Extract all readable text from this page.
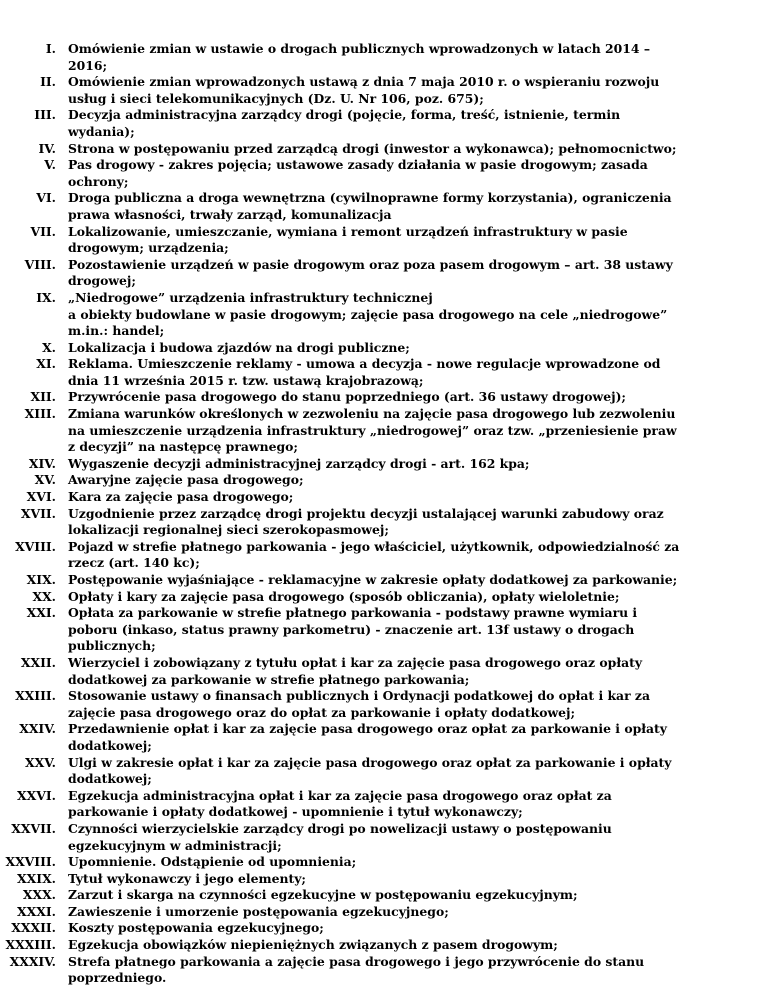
I. Omówienie zmian w ustawie o drogach publicznych wprowadzonych w latach 2014 – 2016;
II. Omówienie zmian wprowadzonych ustawą z dnia 7 maja 2010 r. o wspieraniu rozwoju usług i sieci telekomunikacyjnych (Dz. U. Nr 106, poz. 675);
III. Decyzja administracyjna zarządcy drogi (pojęcie, forma, treść, istnienie, termin wydania);
IV. Strona w postępowaniu przed zarządcą drogi (inwestor a wykonawca); pełnomocnictwo;
V. Pas drogowy - zakres pojęcia; ustawowe zasady działania w pasie drogowym; zasada ochrony;
VI. Droga publiczna a droga wewnętrzna (cywilnoprawne formy korzystania), ograniczenia prawa własności, trwały zarząd, komunalizacja
VII. Lokalizowanie, umieszczanie, wymiana i remont urządzeń infrastruktury w pasie drogowym; urządzenia;
VIII. Pozostawienie urządzeń w pasie drogowym oraz poza pasem drogowym – art. 38 ustawy drogowej;
IX. „Niedrogowe” urządzenia infrastruktury technicznej
a obiekty budowlane w pasie drogowym; zajęcie pasa drogowego na cele „niedrogowe” m.in.: handel;
X. Lokalizacja i budowa zjazdów na drogi publiczne;
XI. Reklama. Umieszczenie reklamy - umowa a decyzja - nowe regulacje wprowadzone od dnia 11 września 2015 r. tzw. ustawą krajobrazową;
XII. Przywrócenie pasa drogowego do stanu poprzedniego (art. 36 ustawy drogowej);
XIII. Zmiana warunków określonych w zezwoleniu na zajęcie pasa drogowego lub zezwoleniu na umieszczenie urządzenia infrastruktury „niedrogowej” oraz tzw. „przeniesienie praw z decyzji” na następcę prawnego;
XIV. Wygaszenie decyzji administracyjnej zarządcy drogi - art. 162 kpa;
XV. Awaryjne zajęcie pasa drogowego;
XVI. Kara za zajęcie pasa drogowego;
XVII. Uzgodnienie przez zarządcę drogi projektu decyzji ustalającej warunki zabudowy oraz lokalizacji regionalnej sieci szerokopasmowej;
XVIII. Pojazd w strefie płatnego parkowania - jego właściciel, użytkownik, odpowiedzialność za rzecz (art. 140 kc);
XIX. Postępowanie wyjaśniające - reklamacyjne w zakresie opłaty dodatkowej za parkowanie;
XX. Opłaty i kary za zajęcie pasa drogowego (sposób obliczania), opłaty wieloletnie;
XXI. Opłata za parkowanie w strefie płatnego parkowania - podstawy prawne wymiaru i poboru (inkaso, status prawny parkometru) - znaczenie art. 13f ustawy o drogach publicznych;
XXII. Wierzyciel i zobowiązany z tytułu opłat i kar za zajęcie pasa drogowego oraz opłaty dodatkowej za parkowanie w strefie płatnego parkowania;
XXIII. Stosowanie ustawy o finansach publicznych i Ordynacji podatkowej do opłat i kar za zajęcie pasa drogowego oraz do opłat za parkowanie i opłaty dodatkowej;
XXIV. Przedawnienie opłat i kar za zajęcie pasa drogowego oraz opłat za parkowanie i opłaty dodatkowej;
XXV. Ulgi w zakresie opłat i kar za zajęcie pasa drogowego oraz opłat za parkowanie i opłaty dodatkowej;
XXVI. Egzekucja administracyjna opłat i kar za zajęcie pasa drogowego oraz opłat za parkowanie i opłaty dodatkowej - upomnienie i tytuł wykonawczy;
XXVII. Czynności wierzycielskie zarządcy drogi po nowelizacji ustawy o postępowaniu egzekucyjnym w administracji;
XXVIII. Upomnienie. Odstąpienie od upomnienia;
XXIX. Tytuł wykonawczy i jego elementy;
XXX. Zarzut i skarga na czynności egzekucyjne w postępowaniu egzekucyjnym;
XXXI. Zawieszenie i umorzenie postępowania egzekucyjnego;
XXXII. Koszty postępowania egzekucyjnego;
XXXIII. Egzekucja obowiązków niepieniężnych związanych z pasem drogowym;
XXXIV. Strefa płatnego parkowania a zajęcie pasa drogowego i jego przywrócenie do stanu poprzedniego.
